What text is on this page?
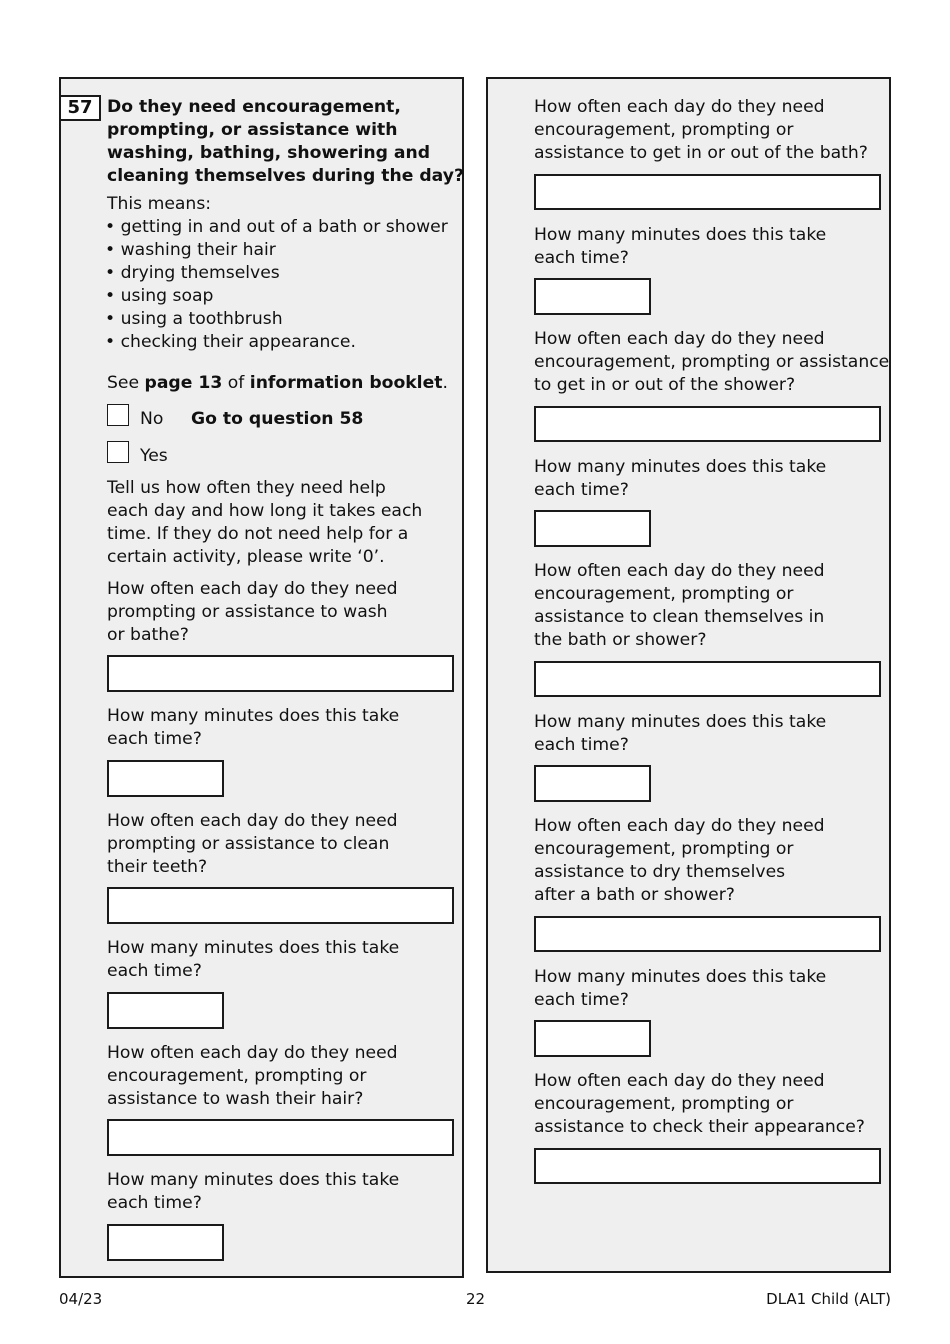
57 Do they need encouragement,

prompting, or assistance with

washing, bathing, showering and

cleaning themselves during the day?

This means:

• getting in and out of a bath or shower
• washing their hair
• drying themselves
• using soap
• using a toothbrush
• checking their appearance.

See page 13 of information booklet.

No Go to question 58

Yes

Tell us how often they need help

each day and how long it takes each

time. If they do not need help for a

certain activity, please write ‘0’.

How often each day do they need

prompting or assistance to wash

or bathe?

How many minutes does this take

each time?

How often each day do they need

prompting or assistance to clean

their teeth?

How many minutes does this take

each time?

How often each day do they need

encouragement, prompting or

assistance to wash their hair?

How many minutes does this take

each time?

How often each day do they need

encouragement, prompting or

assistance to get in or out of the bath?

How many minutes does this take

each time?

How often each day do they need

encouragement, prompting or assistance

to get in or out of the shower?

How many minutes does this take

each time?

How often each day do they need

encouragement, prompting or

assistance to clean themselves in

the bath or shower?

How many minutes does this take

each time?

How often each day do they need

encouragement, prompting or

assistance to dry themselves

after a bath or shower?

How many minutes does this take

each time?

How often each day do they need

encouragement, prompting or

assistance to check their appearance?

04/23	22	DLA1 Child (ALT)
